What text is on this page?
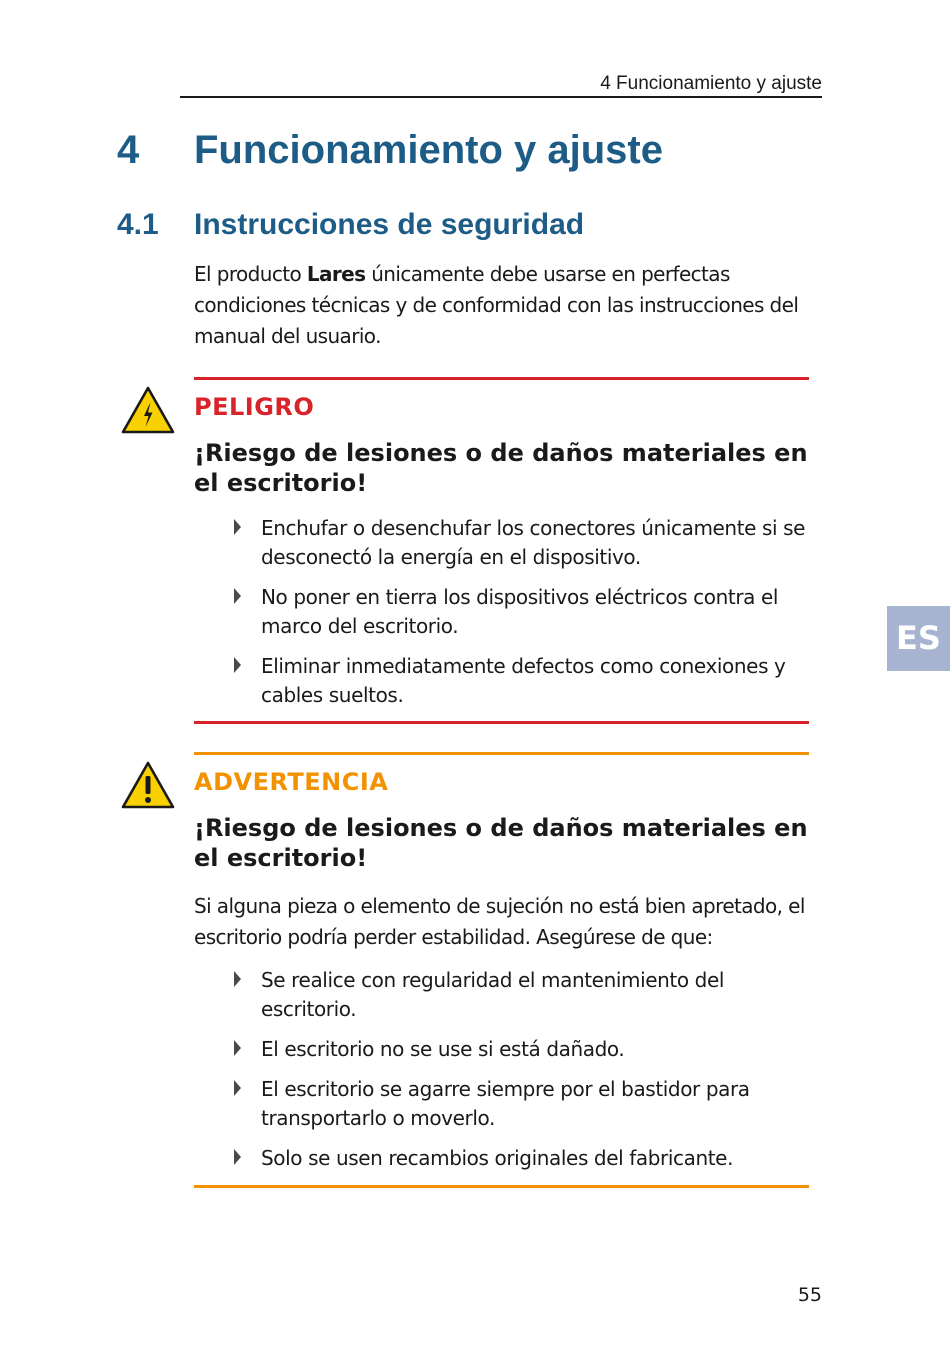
4 Funcionamiento y ajuste
4 Funcionamiento y ajuste
4.1 Instrucciones de seguridad

El producto Lares únicamente debe usarse en perfectas condiciones técnicas y de conformidad con las instrucciones del manual del usuario.

PELIGRO

¡Riesgo de lesiones o de daños materiales en el escritorio!

Enchufar o desenchufar los conectores únicamente si se desconectó la energía en el dispositivo.
No poner en tierra los dispositivos eléctricos contra el marco del escritorio.
Eliminar inmediatamente defectos como conexiones y cables sueltos.
ADVERTENCIA

¡Riesgo de lesiones o de daños materiales en el escritorio!

Si alguna pieza o elemento de sujeción no está bien apretado, el escritorio podría perder estabilidad. Asegúrese de que:

Se realice con regularidad el mantenimiento del escritorio.
El escritorio no se use si está dañado.
El escritorio se agarre siempre por el bastidor para transportarlo o moverlo.
Solo se usen recambios originales del fabricante.
ES
55
